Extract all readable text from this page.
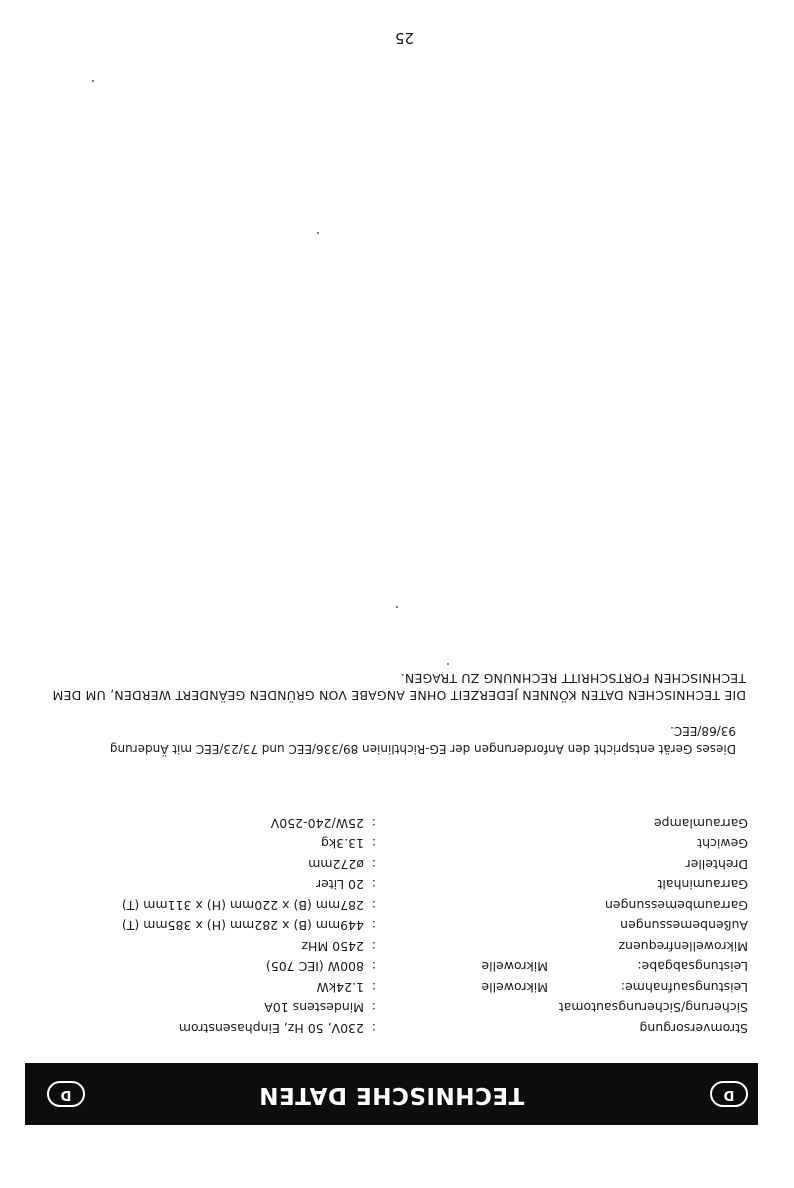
D
TECHNISCHE DATEN
D
Stromversorgung
:
230V, 50 Hz, Einphasenstrom
Sicherung/Sicherungsautomat
:
Mindestens 10A
Leistungsaufnahme:
Mikrowelle
:
1.24kW
Leistungsabgabe:
Mikrowelle
:
800W (IEC 705)
Mikrowellenfrequenz
:
2450 MHz
Außenbemessungen
:
449mm (B) x 282mm (H) x 385mm (T)
Garraumbemessungen
:
287mm (B) x 220mm (H) x 311mm (T)
Garrauminhalt
:
20 Liter
Drehteller
:
ø272mm
Gewicht
:
13.3kg
Garraumlampe
:
25W/240-250V
Dieses Gerät entspricht den Anforderungen der EG-Richtlinien 89/336/EEC und 73/23/EEC mit Änderung 93/68/EEC.
DIE TECHNISCHEN DATEN KÖNNEN JEDERZEIT OHNE ANGABE VON GRÜNDEN GEÄNDERT WERDEN, UM DEM TECHNISCHEN FORTSCHRITT RECHNUNG ZU TRAGEN.
25
